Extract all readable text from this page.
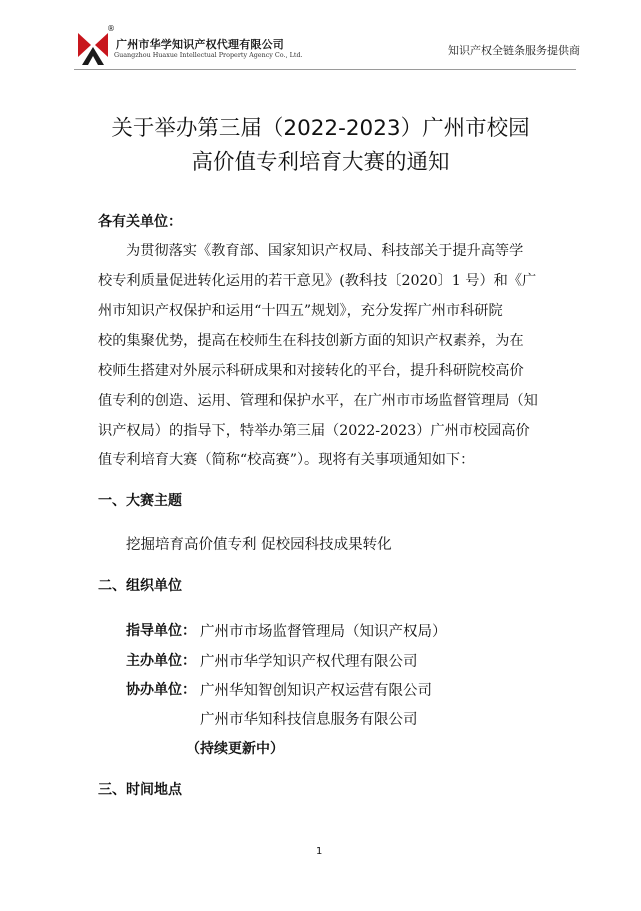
®
广州市华学知识产权代理有限公司
Guangzhou Huaxue Intellectual Property Agency Co., Ltd.	知识产权全链条服务提供商
关于举办第三届（2022-2023）广州市校园
高价值专利培育大赛的通知
各有关单位：
为贯彻落实《教育部、国家知识产权局、科技部关于提升高等学
校专利质量促进转化运用的若干意见》(教科技〔2020〕1 号）和《广
州市知识产权保护和运用“十四五”规划》，充分发挥广州市科研院
校的集聚优势，提高在校师生在科技创新方面的知识产权素养，为在
校师生搭建对外展示科研成果和对接转化的平台，提升科研院校高价
值专利的创造、运用、管理和保护水平，在广州市市场监督管理局（知
识产权局）的指导下，特举办第三届（2022-2023）广州市校园高价
值专利培育大赛（简称“校高赛”）。现将有关事项通知如下：
一、大赛主题
挖掘培育高价值专利 促校园科技成果转化
二、组织单位
指导单位： 广州市市场监督管理局（知识产权局）
主办单位： 广州市华学知识产权代理有限公司
协办单位： 广州华知智创知识产权运营有限公司
广州市华知科技信息服务有限公司
（持续更新中）
三、时间地点
1
